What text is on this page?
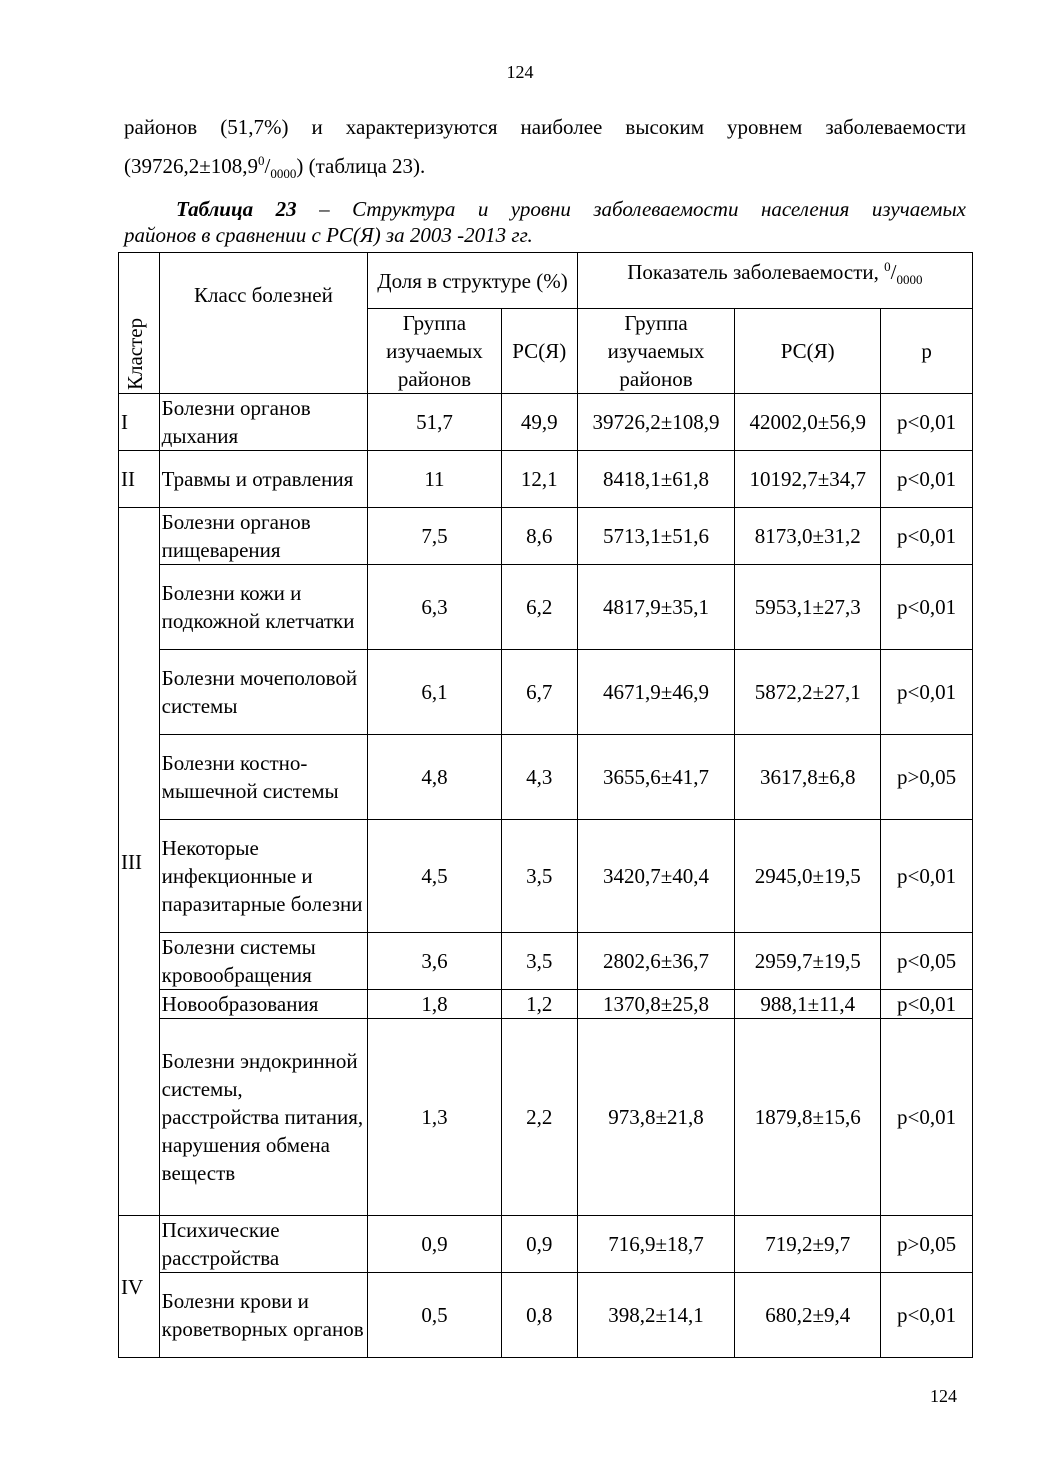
124
районов (51,7%) и характеризуются наиболее высоким уровнем заболеваемости
$(39726,2\pm 108,9^0/_{0000})$ (таблица 23).
Таблица 23 – Структура и уровни заболеваемости населения изучаемых
районов в сравнении с РС(Я) за 2003 -2013 гг.
Кластер	Класс болезней	Доля в структуре (%)		Показатель заболеваемости, $^0/_{0000}$
		Группа изучаемых районов	РС(Я)	Группа изучаемых районов	РС(Я)	р
I	Болезни органов дыхания	51,7	49,9	39726,2±108,9	42002,0±56,9	р<0,01
II	Травмы и отравления	11	12,1	8418,1±61,8	10192,7±34,7	р<0,01
III	Болезни органов пищеварения	7,5	8,6	5713,1±51,6	8173,0±31,2	р<0,01
	Болезни кожи и подкожной клетчатки	6,3	6,2	4817,9±35,1	5953,1±27,3	р<0,01
	Болезни мочеполовой системы	6,1	6,7	4671,9±46,9	5872,2±27,1	р<0,01
	Болезни костно-мышечной системы	4,8	4,3	3655,6±41,7	3617,8±6,8	р>0,05
	Некоторые инфекционные и паразитарные болезни	4,5	3,5	3420,7±40,4	2945,0±19,5	р<0,01
	Болезни системы кровообращения	3,6	3,5	2802,6±36,7	2959,7±19,5	р<0,05
	Новообразования	1,8	1,2	1370,8±25,8	988,1±11,4	р<0,01
	Болезни эндокринной системы, расстройства питания, нарушения обмена веществ	1,3	2,2	973,8±21,8	1879,8±15,6	р<0,01
IV	Психические расстройства	0,9	0,9	716,9±18,7	719,2±9,7	р>0,05
	Болезни крови и кроветворных органов	0,5	0,8	398,2±14,1	680,2±9,4	р<0,01
124
